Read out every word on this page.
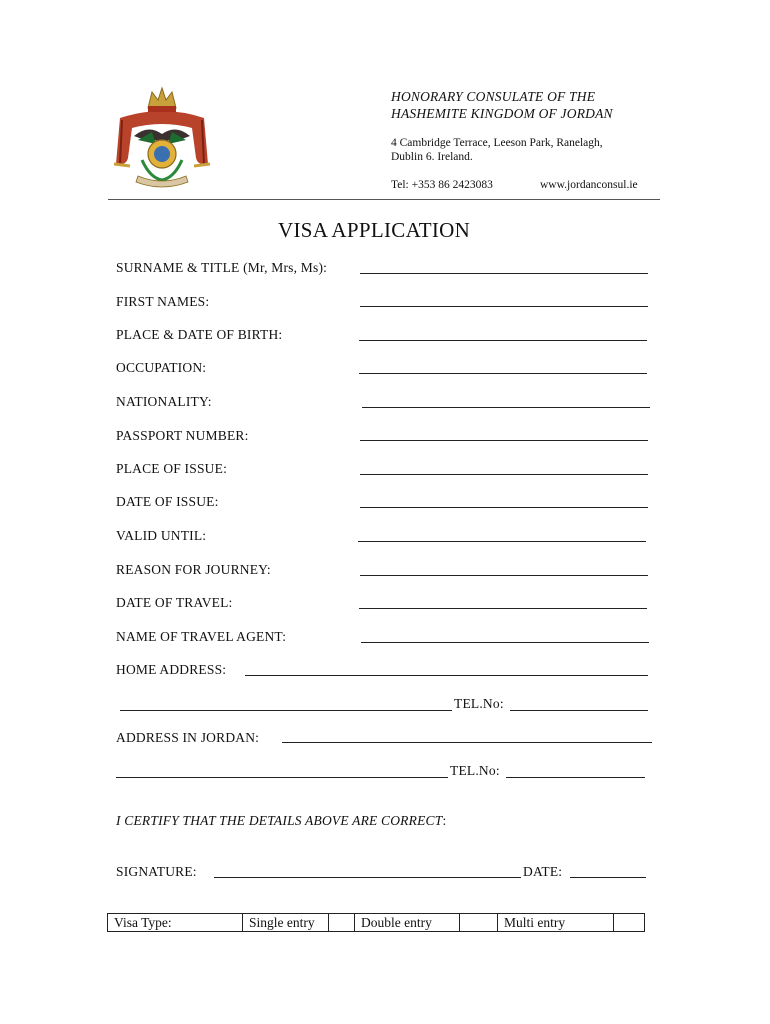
HONORARY CONSULATE OF THE
HASHEMITE KINGDOM OF JORDAN
4 Cambridge Terrace, Leeson Park, Ranelagh,
Dublin 6. Ireland.
Tel: +353 86 2423083	www.jordanconsul.ie
VISA APPLICATION
SURNAME & TITLE (Mr, Mrs, Ms):
FIRST NAMES:
PLACE & DATE OF BIRTH:
OCCUPATION:
NATIONALITY:
PASSPORT NUMBER:
PLACE OF ISSUE:
DATE OF ISSUE:
VALID UNTIL:
REASON FOR JOURNEY:
DATE OF TRAVEL:
NAME OF TRAVEL AGENT:
HOME ADDRESS:
TEL.No:
ADDRESS IN JORDAN:
TEL.No:
I CERTIFY THAT THE DETAILS ABOVE ARE CORRECT:
SIGNATURE:	DATE:
Visa Type:	Single entry		Double entry		Multi entry	
